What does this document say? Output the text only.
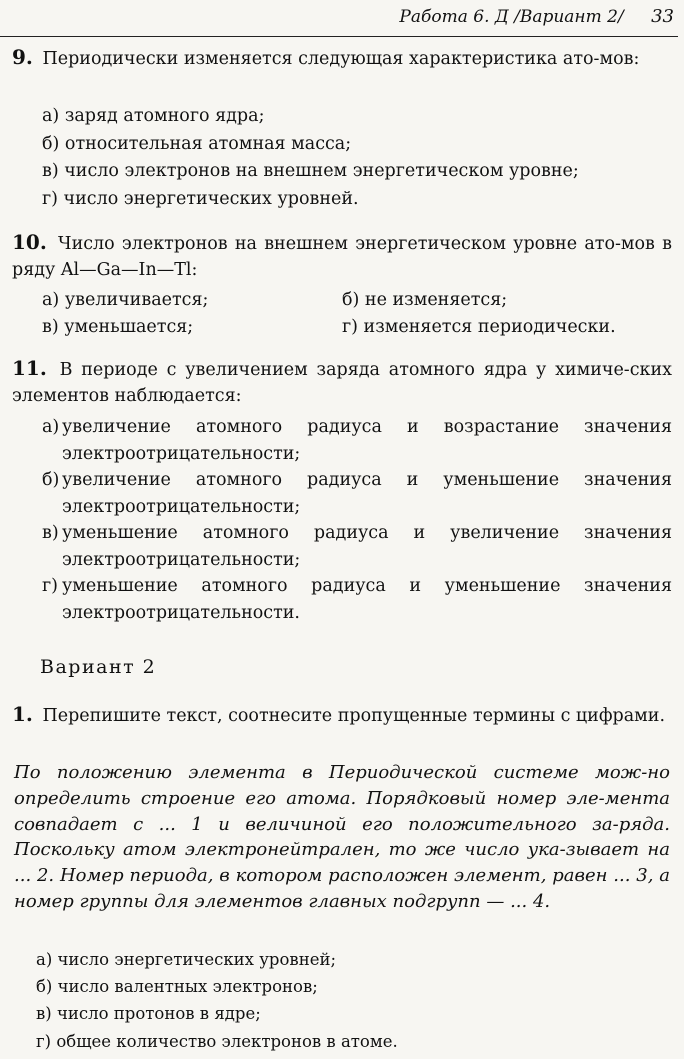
Работа 6. Д /Вариант 2/ 33
9. Периодически изменяется следующая характеристика ато-мов:
а) заряд атомного ядра;
б) относительная атомная масса;
в) число электронов на внешнем энергетическом уровне;
г) число энергетических уровней.
10. Число электронов на внешнем энергетическом уровне ато-мов в ряду Al—Ga—In—Tl:
а) увеличивается;	б) не изменяется;
в) уменьшается;	г) изменяется периодически.
11. В периоде с увеличением заряда атомного ядра у химиче-ских элементов наблюдается:
а) увеличение атомного радиуса и возрастание значения
электроотрицательности;
б) увеличение атомного радиуса и уменьшение значения
электроотрицательности;
в) уменьшение атомного радиуса и увеличение значения
электроотрицательности;
г) уменьшение атомного радиуса и уменьшение значения
электроотрицательности.
Вариант 2
1. Перепишите текст, соотнесите пропущенные термины с цифрами.
По положению элемента в Периодической системе мож-но определить строение его атома. Порядковый номер эле-мента совпадает с ... 1 и величиной его положительного за-ряда. Поскольку атом электронейтрален, то же число ука-зывает на ... 2. Номер периода, в котором расположен элемент, равен ... 3, а номер группы для элементов главных подгрупп — ... 4.
а) число энергетических уровней;
б) число валентных электронов;
в) число протонов в ядре;
г) общее количество электронов в атоме.
